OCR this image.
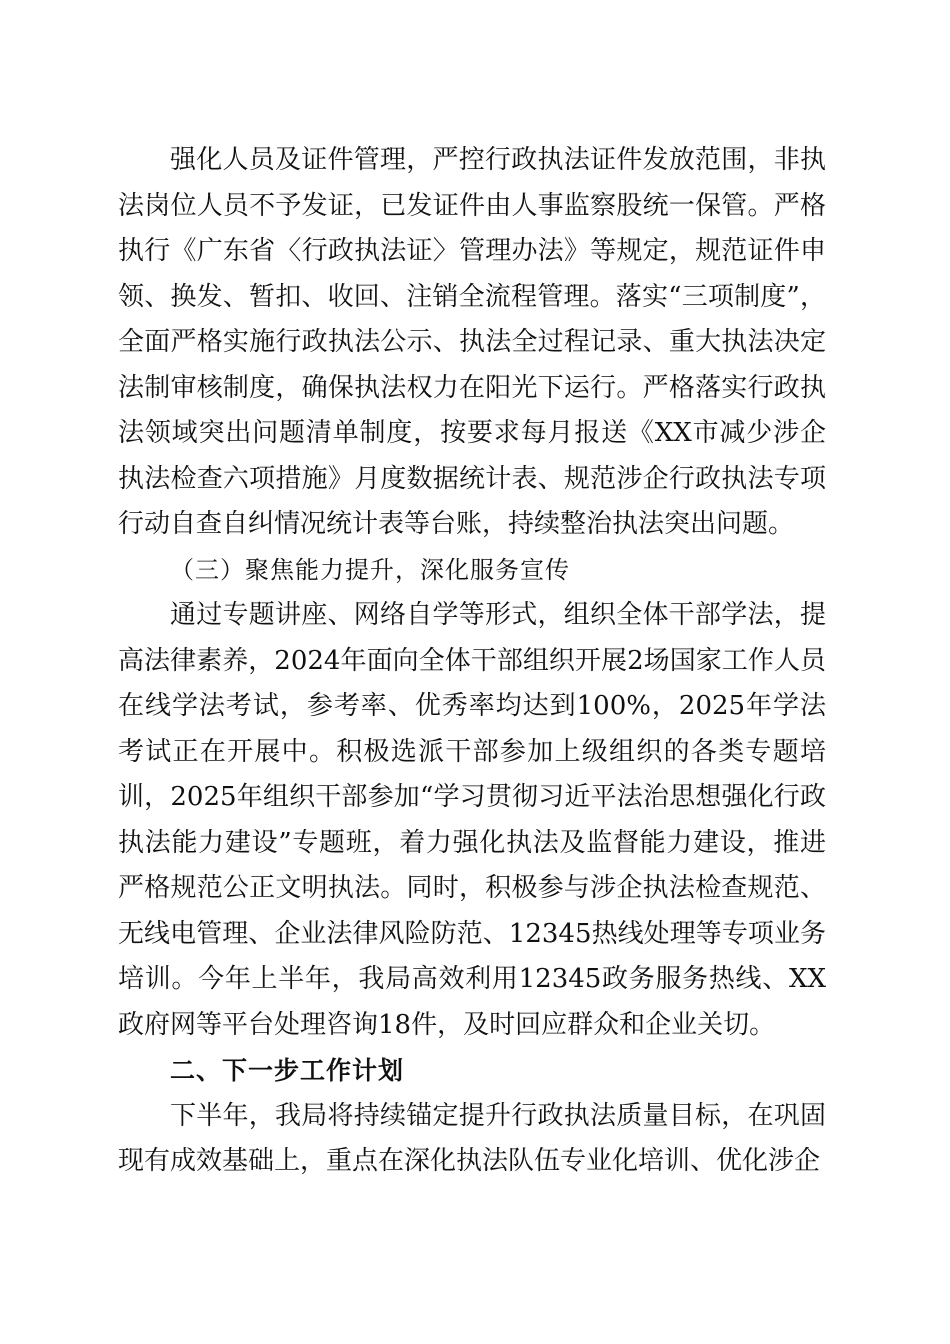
强化人员及证件管理，严控行政执法证件发放范围，非执法岗位人员不予发证，已发证件由人事监察股统一保管。严格执行《广东省〈行政执法证〉管理办法》等规定，规范证件申领、换发、暂扣、收回、注销全流程管理。落实“三项制度”，全面严格实施行政执法公示、执法全过程记录、重大执法决定法制审核制度，确保执法权力在阳光下运行。严格落实行政执法领域突出问题清单制度，按要求每月报送《XX市减少涉企执法检查六项措施》月度数据统计表、规范涉企行政执法专项行动自查自纠情况统计表等台账，持续整治执法突出问题。

（三）聚焦能力提升，深化服务宣传

通过专题讲座、网络自学等形式，组织全体干部学法，提高法律素养，2024年面向全体干部组织开展2场国家工作人员在线学法考试，参考率、优秀率均达到100%，2025年学法考试正在开展中。积极选派干部参加上级组织的各类专题培训，2025年组织干部参加“学习贯彻习近平法治思想强化行政执法能力建设”专题班，着力强化执法及监督能力建设，推进严格规范公正文明执法。同时，积极参与涉企执法检查规范、无线电管理、企业法律风险防范、12345热线处理等专项业务培训。今年上半年，我局高效利用12345政务服务热线、XX政府网等平台处理咨询18件，及时回应群众和企业关切。

二、下一步工作计划

下半年，我局将持续锚定提升行政执法质量目标，在巩固现有成效基础上，重点在深化执法队伍专业化培训、优化涉企
